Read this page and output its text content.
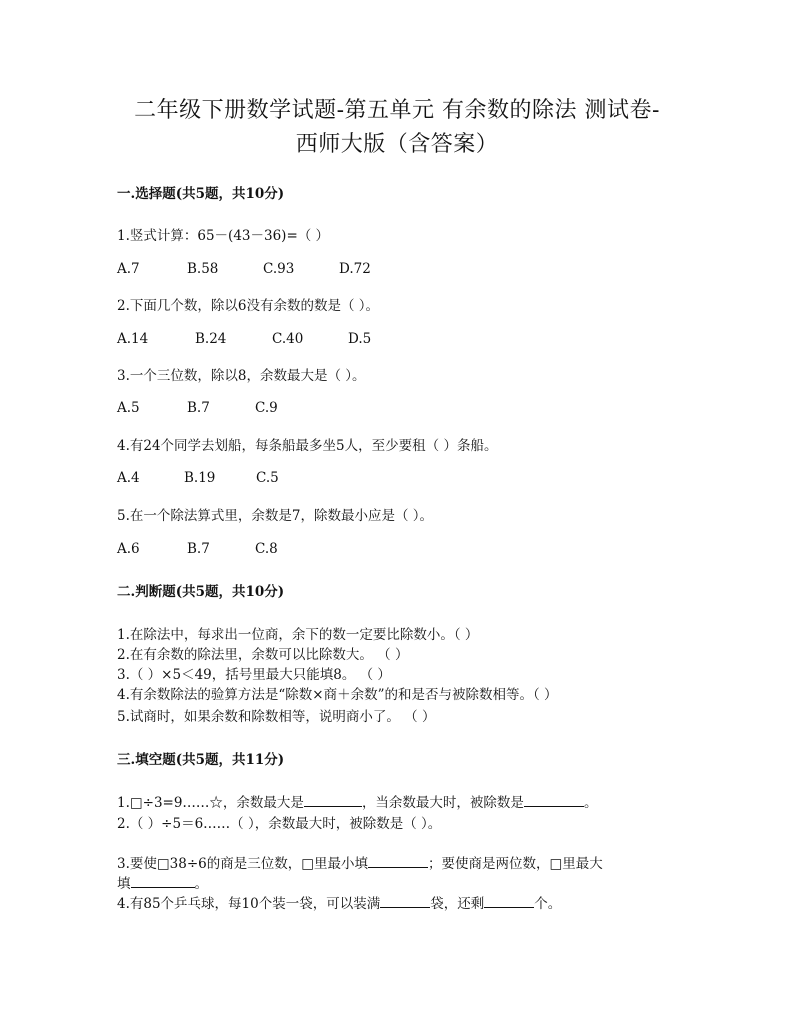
二年级下册数学试题-第五单元 有余数的除法 测试卷-
西师大版（含答案）
一.选择题(共5题，共10分)
1.竖式计算：65－(43－36)=（ ）
A.7	B.58	C.93	D.72
2.下面几个数，除以6没有余数的数是（ ）。
A.14	B.24	C.40	D.5
3.一个三位数，除以8，余数最大是（ ）。
A.5	B.7	C.9
4.有24个同学去划船，每条船最多坐5人，至少要租（ ）条船。
A.4	B.19	C.5
5.在一个除法算式里，余数是7，除数最小应是（ ）。
A.6	B.7	C.8
二.判断题(共5题，共10分)
1.在除法中，每求出一位商，余下的数一定要比除数小。（ ）
2.在有余数的除法里，余数可以比除数大。 （ ）
3.（ ）×5＜49，括号里最大只能填8。 （ ）
4.有余数除法的验算方法是“除数×商＋余数”的和是否与被除数相等。（ ）
5.试商时，如果余数和除数相等，说明商小了。 （ ）
三.填空题(共5题，共11分)
1.□÷3=9……☆，余数最大是	，当余数最大时，被除数是	。
2.（ ）÷5＝6……（ ），余数最大时，被除数是（ ）。
3.要使□38÷6的商是三位数，□里最小填	；要使商是两位数，□里最大
填	。
4.有85个乒乓球，每10个装一袋，可以装满	袋，还剩	个。
